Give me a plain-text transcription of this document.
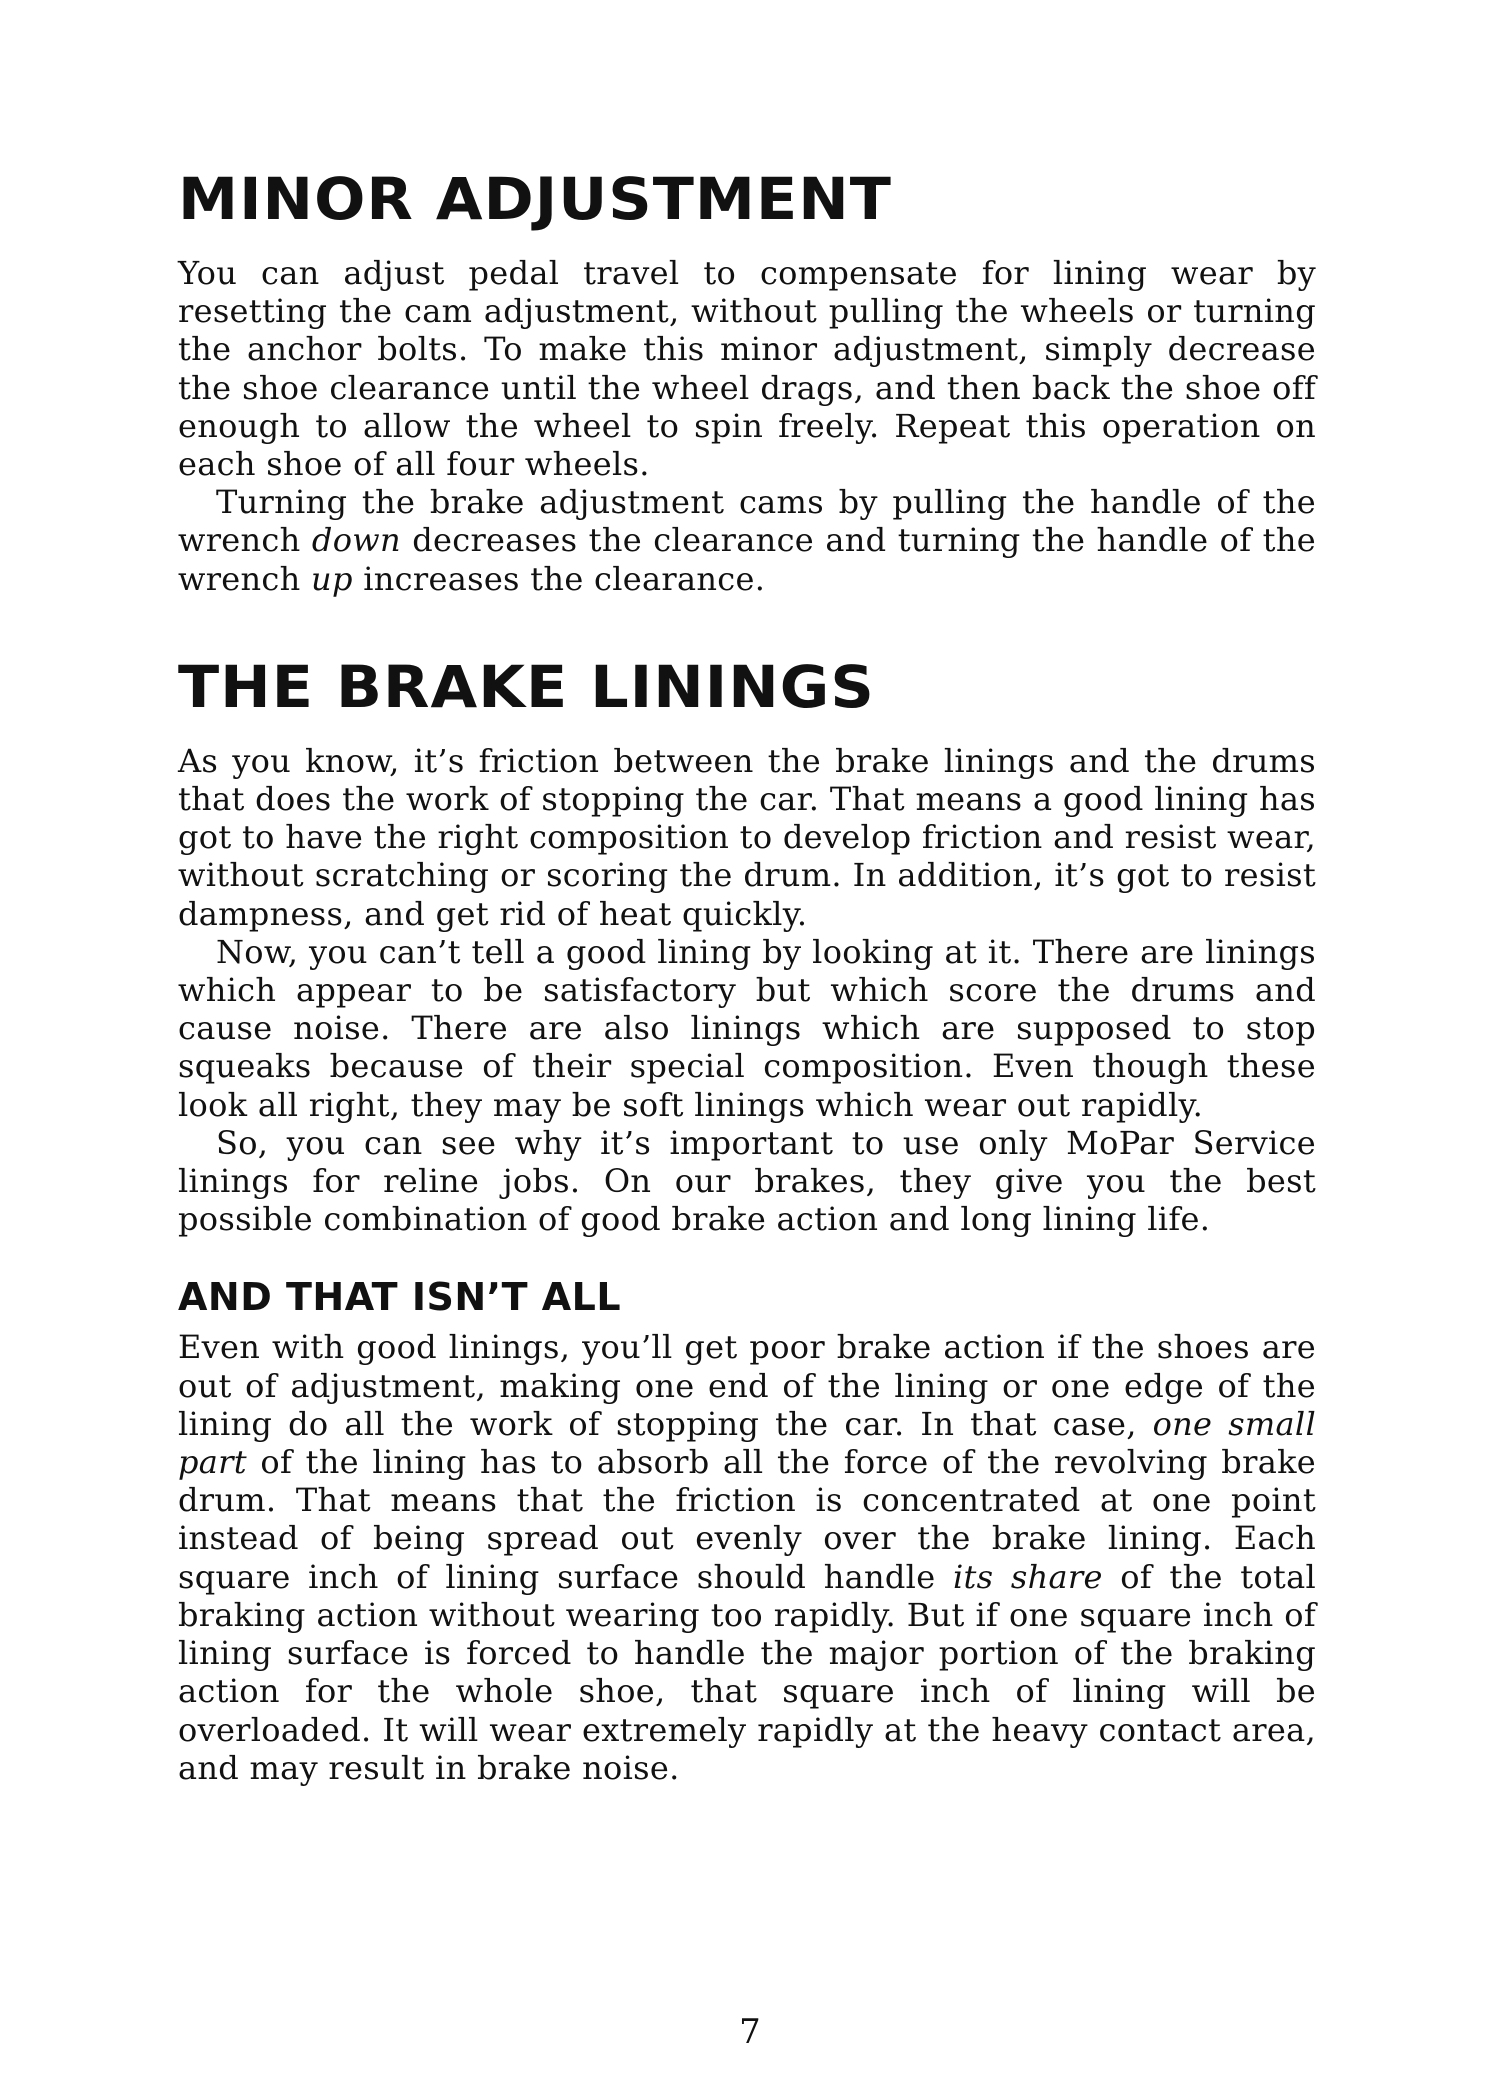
MINOR ADJUSTMENT

You can adjust pedal travel to compensate for lining wear by resetting the cam adjustment, without pulling the wheels or turning the anchor bolts. To make this minor adjustment, simply decrease the shoe clearance until the wheel drags, and then back the shoe off enough to allow the wheel to spin freely. Repeat this operation on each shoe of all four wheels.

Turning the brake adjustment cams by pulling the handle of the wrench down decreases the clearance and turning the handle of the wrench up increases the clearance.

THE BRAKE LININGS

As you know, it’s friction between the brake linings and the drums that does the work of stopping the car. That means a good lining has got to have the right composition to develop friction and resist wear, without scratching or scoring the drum. In addition, it’s got to resist dampness, and get rid of heat quickly.

Now, you can’t tell a good lining by looking at it. There are linings which appear to be satisfactory but which score the drums and cause noise. There are also linings which are supposed to stop squeaks because of their special composition. Even though these look all right, they may be soft linings which wear out rapidly.

So, you can see why it’s important to use only MoPar Service linings for reline jobs. On our brakes, they give you the best possible combination of good brake action and long lining life.

AND THAT ISN’T ALL

Even with good linings, you’ll get poor brake action if the shoes are out of adjustment, making one end of the lining or one edge of the lining do all the work of stopping the car. In that case, one small part of the lining has to absorb all the force of the revolving brake drum. That means that the friction is concentrated at one point instead of being spread out evenly over the brake lining. Each square inch of lining surface should handle its share of the total braking action without wearing too rapidly. But if one square inch of lining surface is forced to handle the major portion of the braking action for the whole shoe, that square inch of lining will be overloaded. It will wear extremely rapidly at the heavy contact area, and may result in brake noise.

7
